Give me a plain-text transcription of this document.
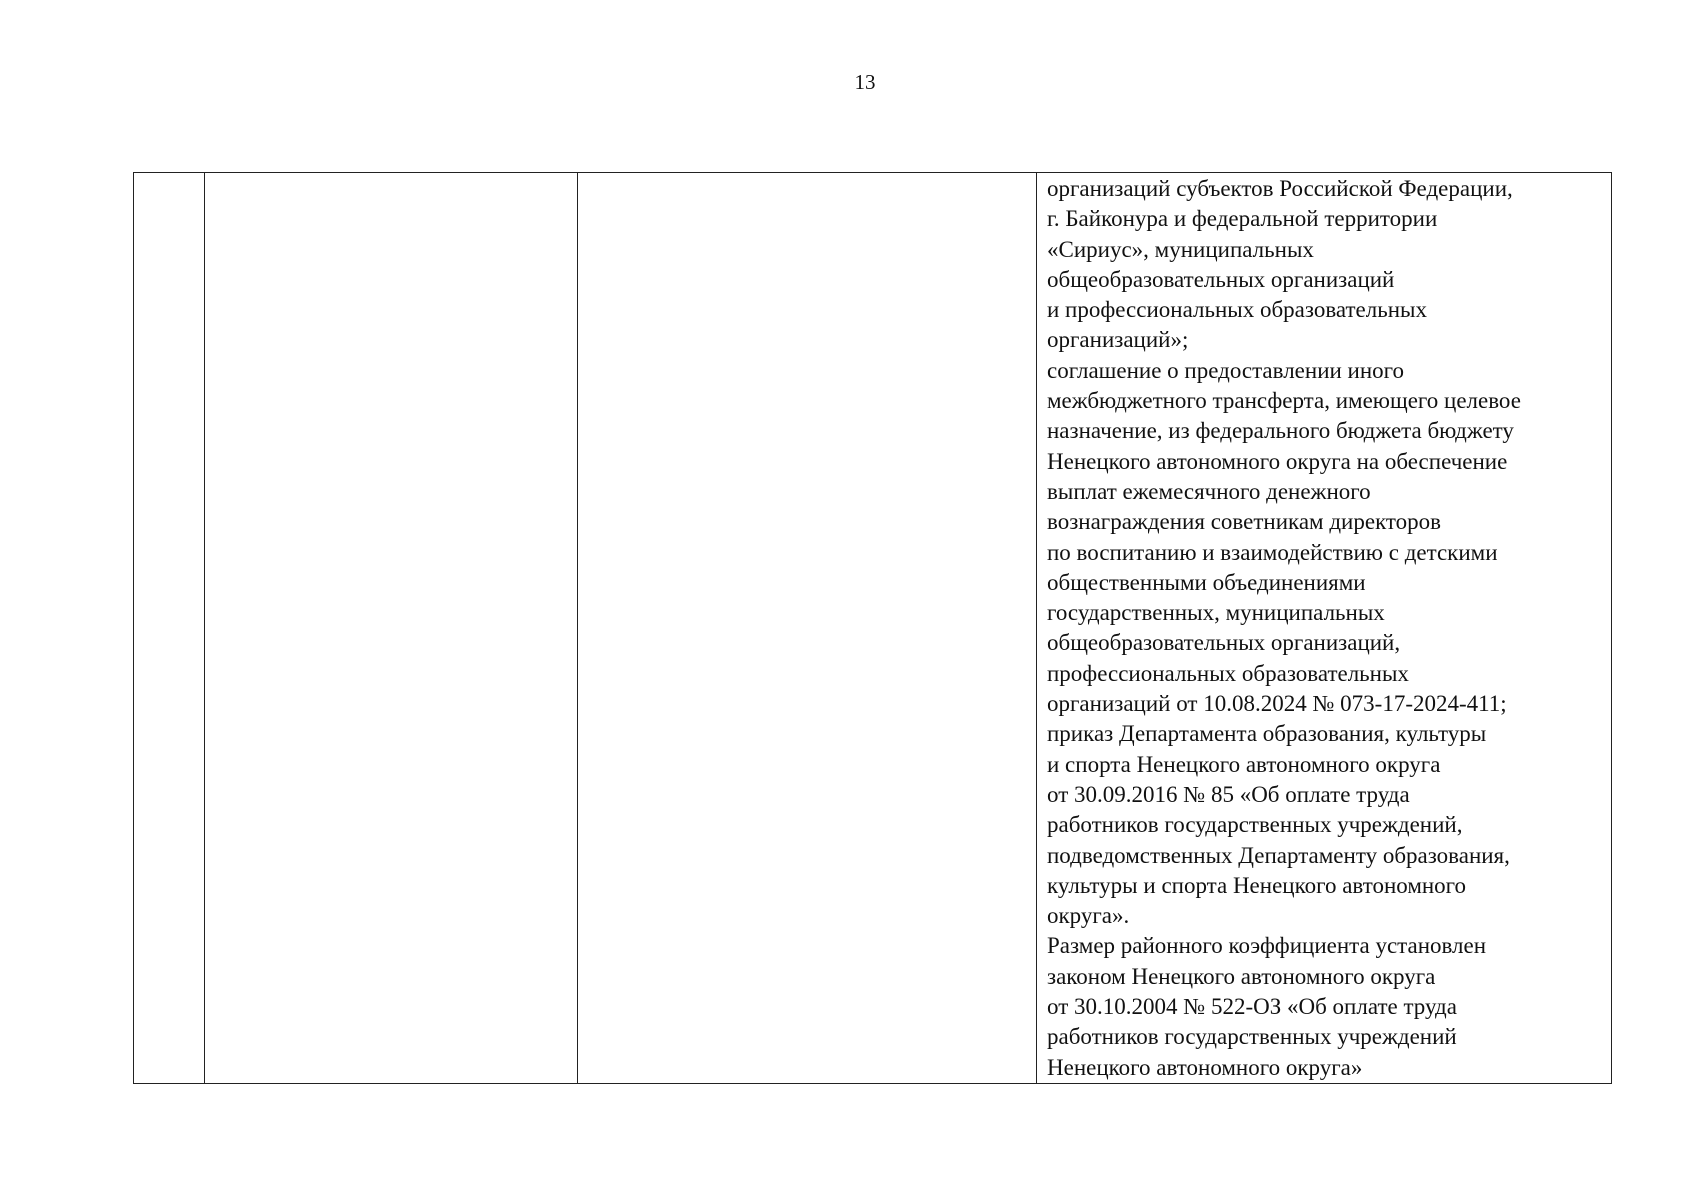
13

организаций субъектов Российской Федерации,
г. Байконура и федеральной территории
«Сириус», муниципальных
общеобразовательных организаций
и профессиональных образовательных
организаций»;
соглашение о предоставлении иного
межбюджетного трансферта, имеющего целевое
назначение, из федерального бюджета бюджету
Ненецкого автономного округа на обеспечение
выплат ежемесячного денежного
вознаграждения советникам директоров
по воспитанию и взаимодействию с детскими
общественными объединениями
государственных, муниципальных
общеобразовательных организаций,
профессиональных образовательных
организаций от 10.08.2024 № 073-17-2024-411;
приказ Департамента образования, культуры
и спорта Ненецкого автономного округа
от 30.09.2016 № 85 «Об оплате труда
работников государственных учреждений,
подведомственных Департаменту образования,
культуры и спорта Ненецкого автономного
округа».
Размер районного коэффициента установлен
законом Ненецкого автономного округа
от 30.10.2004 № 522-ОЗ «Об оплате труда
работников государственных учреждений
Ненецкого автономного округа»
